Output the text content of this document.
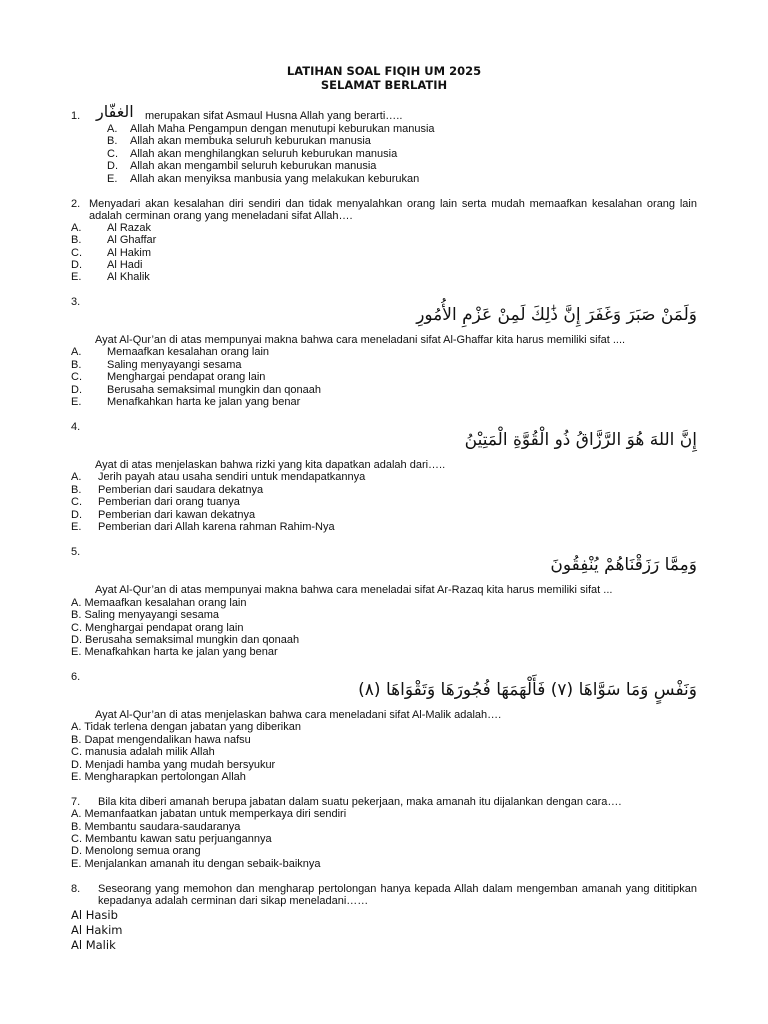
LATIHAN SOAL FIQIH UM 2025
SELAMAT BERLATIH
1. الغفّار merupakan sifat Asmaul Husna Allah yang berarti…..
A. Allah Maha Pengampun dengan menutupi keburukan manusia
B. Allah akan membuka seluruh keburukan manusia
C. Allah akan menghilangkan seluruh keburukan manusia
D. Allah akan mengambil seluruh keburukan manusia
E. Allah akan menyiksa manbusia yang melakukan keburukan
2. Menyadari akan kesalahan diri sendiri dan tidak menyalahkan orang lain serta mudah memaafkan kesalahan orang lain adalah cerminan orang yang meneladani sifat Allah….
A. Al Razak
B. Al Ghaffar
C. Al Hakim
D. Al Hadi
E. Al Khalik
3.
وَلَمَنْ صَبَرَ وَغَفَرَ إِنَّ ذَٰلِكَ لَمِنْ عَزْمِ الأُمُورِ
Ayat Al-Qur’an di atas mempunyai makna bahwa cara meneladani sifat Al-Ghaffar kita harus memiliki sifat ....
A. Memaafkan kesalahan orang lain
B. Saling menyayangi sesama
C. Menghargai pendapat orang lain
D. Berusaha semaksimal mungkin dan qonaah
E. Menafkahkan harta ke jalan yang benar
4.
إِنَّ اللهَ هُوَ الرَّزَّاقُ ذُو الْقُوَّةِ الْمَتِيْنُ
Ayat di atas menjelaskan bahwa rizki yang kita dapatkan adalah dari…..
A. Jerih payah atau usaha sendiri untuk mendapatkannya
B. Pemberian dari saudara dekatnya
C. Pemberian dari orang tuanya
D. Pemberian dari kawan dekatnya
E. Pemberian dari Allah karena rahman Rahim-Nya
5.
وَمِمَّا رَزَقْنَاهُمْ يُنْفِقُونَ
Ayat Al-Qur’an di atas mempunyai makna bahwa cara meneladai sifat Ar-Razaq kita harus memiliki sifat ...
A. Memaafkan kesalahan orang lain
B. Saling menyayangi sesama
C. Menghargai pendapat orang lain
D. Berusaha semaksimal mungkin dan qonaah
E. Menafkahkan harta ke jalan yang benar
6.
وَنَفْسٍ وَمَا سَوَّاهَا (٧) فَأَلْهَمَهَا فُجُورَهَا وَتَقْوَاهَا (٨)
Ayat Al-Qur’an di atas menjelaskan bahwa cara meneladani sifat Al-Malik adalah….
A. Tidak terlena dengan jabatan yang diberikan
B. Dapat mengendalikan hawa nafsu
C. manusia adalah milik Allah
D. Menjadi hamba yang mudah bersyukur
E. Mengharapkan pertolongan Allah
7. Bila kita diberi amanah berupa jabatan dalam suatu pekerjaan, maka amanah itu dijalankan dengan cara….
A. Memanfaatkan jabatan untuk memperkaya diri sendiri
B. Membantu saudara-saudaranya
C. Membantu kawan satu perjuangannya
D. Menolong semua orang
E. Menjalankan amanah itu dengan sebaik-baiknya
8. Seseorang yang memohon dan mengharap pertolongan hanya kepada Allah dalam mengemban amanah yang dititipkan kepadanya adalah cerminan dari sikap meneladani……
Al Hasib
Al Hakim
Al Malik
